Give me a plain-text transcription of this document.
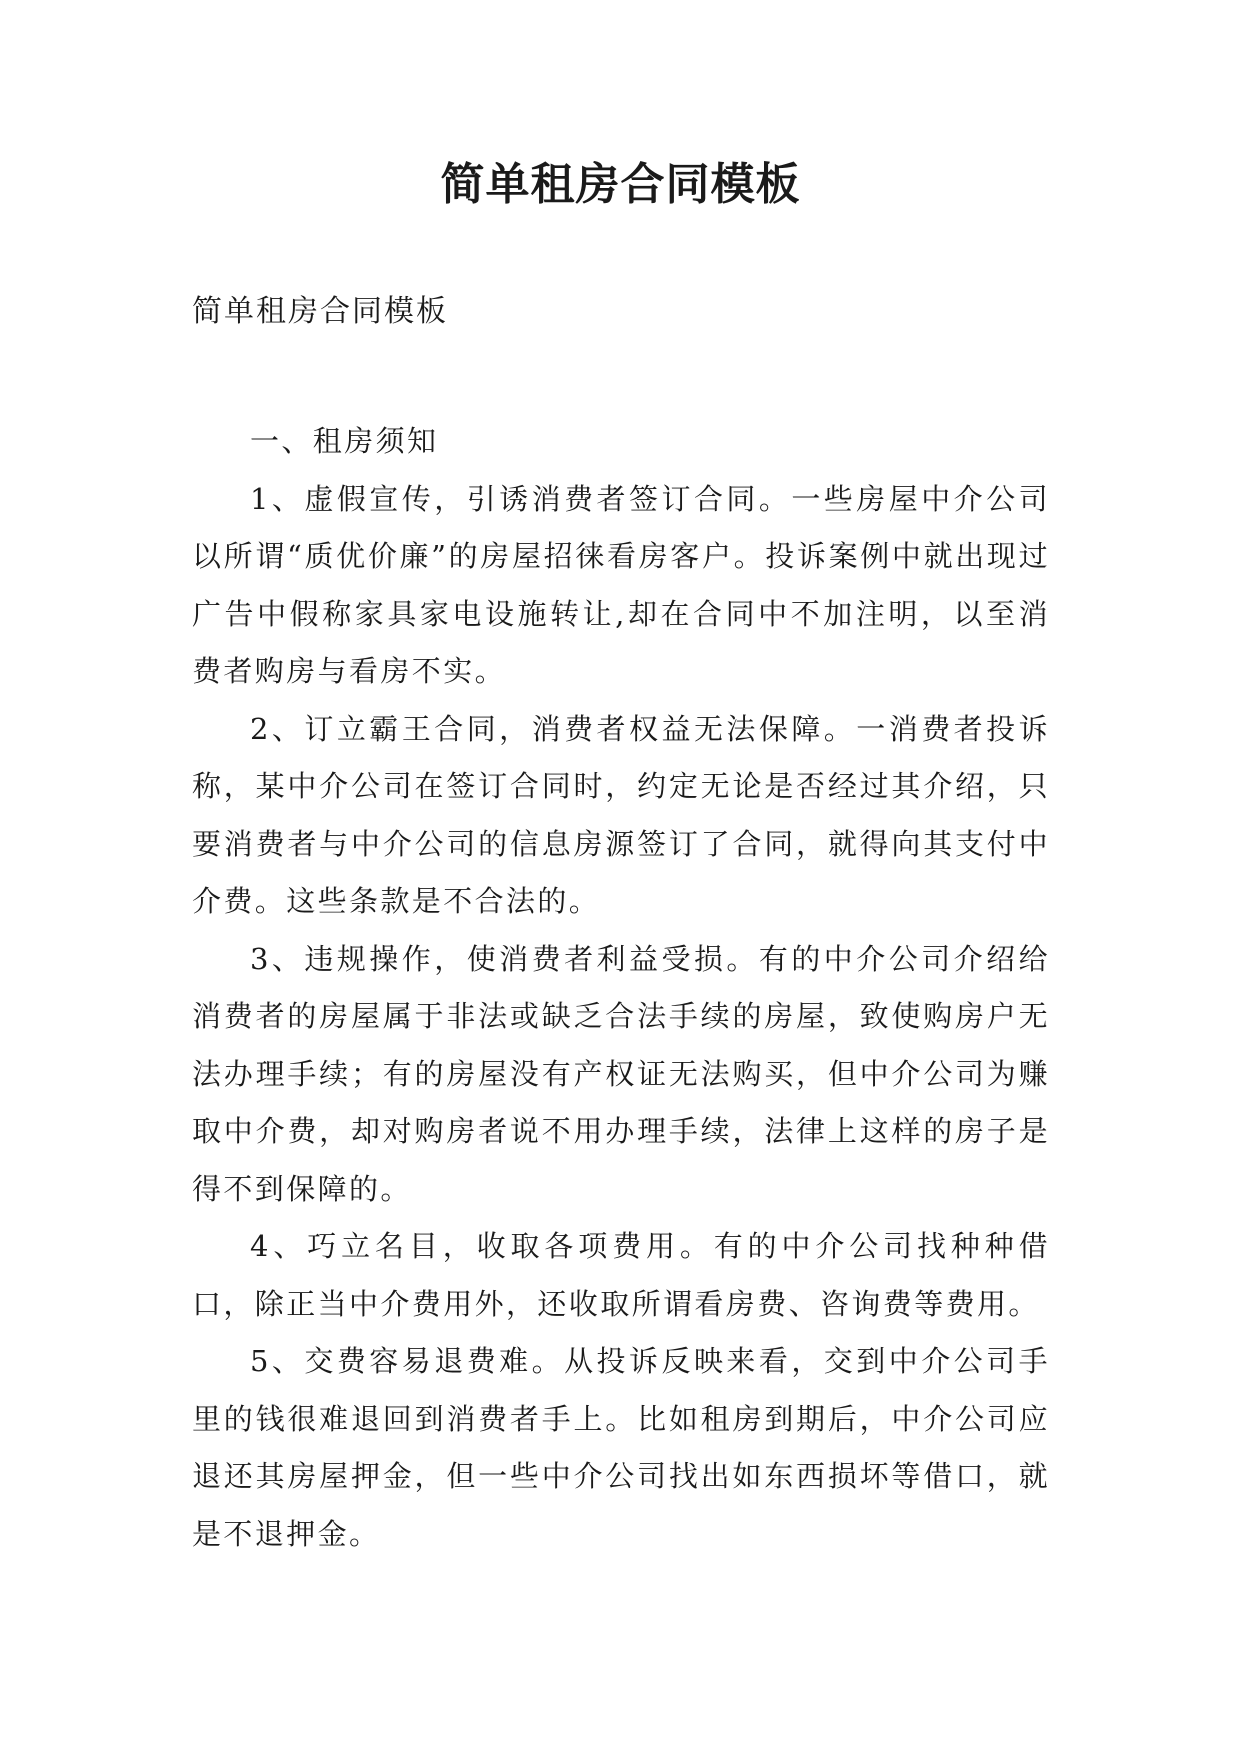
简单租房合同模板
简单租房合同模板

一、租房须知

1、虚假宣传，引诱消费者签订合同。一些房屋中介公司以所谓“质优价廉”的房屋招徕看房客户。投诉案例中就出现过广告中假称家具家电设施转让,却在合同中不加注明，以至消费者购房与看房不实。

2、订立霸王合同，消费者权益无法保障。一消费者投诉称，某中介公司在签订合同时，约定无论是否经过其介绍，只要消费者与中介公司的信息房源签订了合同，就得向其支付中介费。这些条款是不合法的。

3、违规操作，使消费者利益受损。有的中介公司介绍给消费者的房屋属于非法或缺乏合法手续的房屋，致使购房户无法办理手续；有的房屋没有产权证无法购买，但中介公司为赚取中介费，却对购房者说不用办理手续，法律上这样的房子是得不到保障的。

4、巧立名目，收取各项费用。有的中介公司找种种借口，除正当中介费用外，还收取所谓看房费、咨询费等费用。

5、交费容易退费难。从投诉反映来看，交到中介公司手里的钱很难退回到消费者手上。比如租房到期后，中介公司应退还其房屋押金，但一些中介公司找出如东西损坏等借口，就是不退押金。
